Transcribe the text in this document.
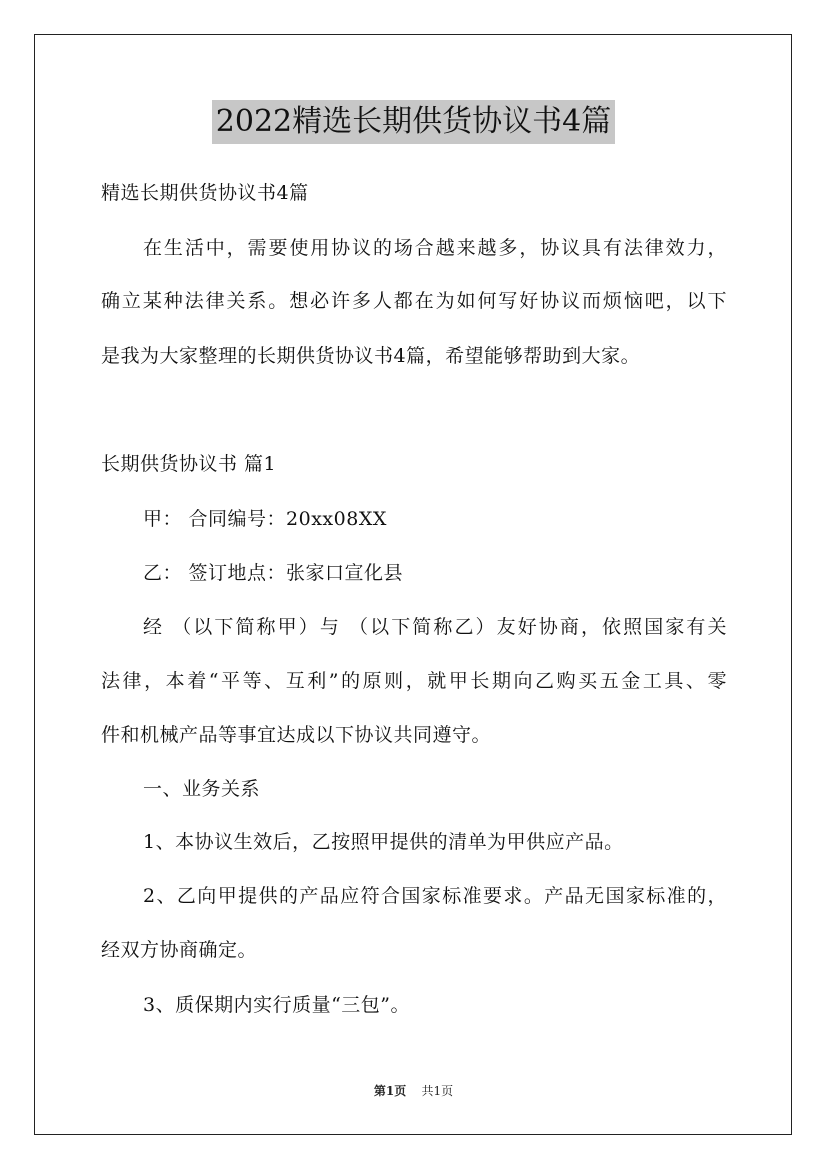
2022精选长期供货协议书4篇

精选长期供货协议书4篇

在生活中，需要使用协议的场合越来越多，协议具有法律效力，

确立某种法律关系。想必许多人都在为如何写好协议而烦恼吧，以下

是我为大家整理的长期供货协议书4篇，希望能够帮助到大家。

长期供货协议书 篇1

甲： 合同编号：20xx08XX

乙： 签订地点：张家口宣化县

经 （以下简称甲）与 （以下简称乙）友好协商，依照国家有关

法律，本着“平等、互利”的原则，就甲长期向乙购买五金工具、零

件和机械产品等事宜达成以下协议共同遵守。

一、业务关系

1、本协议生效后，乙按照甲提供的清单为甲供应产品。

2、乙向甲提供的产品应符合国家标准要求。产品无国家标准的，

经双方协商确定。

3、质保期内实行质量“三包”。

第1页 共1页
